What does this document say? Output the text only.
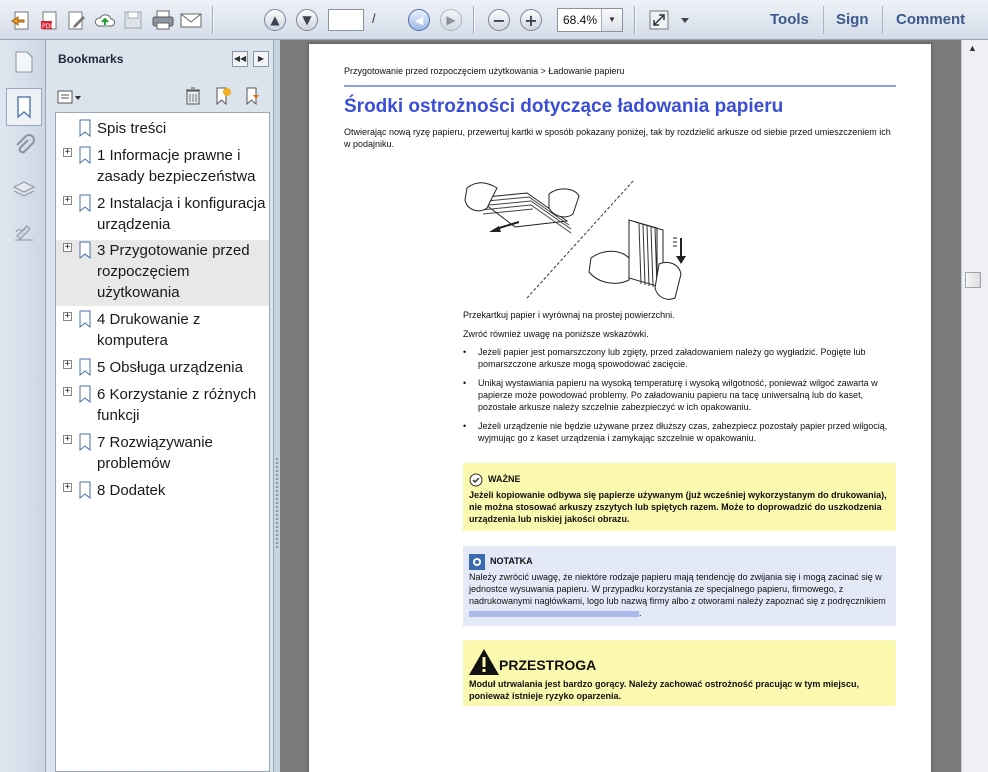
PDF	▲	▼	/	◀	▶	− +	68.4%	▼	Tools Sign Comment
Bookmarks	◀◀	▶
Spis treści
+ 1 Informacje prawne i zasady bezpieczeństwa
+ 2 Instalacja i konfiguracja urządzenia
+ 3 Przygotowanie przed rozpoczęciem użytkowania
+ 4 Drukowanie z komputera
+ 5 Obsługa urządzenia
+ 6 Korzystanie z różnych funkcji
+ 7 Rozwiązywanie problemów
+ 8 Dodatek
Przygotowanie przed rozpoczęciem użytkowania > Ładowanie papieru
Środki ostrożności dotyczące ładowania papieru
Otwierając nową ryzę papieru, przewertuj kartki w sposób pokazany poniżej, tak by rozdzielić arkusze od siebie przed umieszczeniem ich w podajniku.
Przekartkuj papier i wyrównaj na prostej powierzchni.
Zwróć również uwagę na poniższe wskazówki.
• Jeżeli papier jest pomarszczony lub zgięty, przed załadowaniem należy go wygładzić. Pogięte lub pomarszczone arkusze mogą spowodować zacięcie.
• Unikaj wystawiania papieru na wysoką temperaturę i wysoką wilgotność, ponieważ wilgoć zawarta w papierze może powodować problemy. Po załadowaniu papieru na tacę uniwersalną lub do kaset, pozostałe arkusze należy szczelnie zabezpieczyć w ich opakowaniu.
• Jeżeli urządzenie nie będzie używane przez dłuższy czas, zabezpiecz pozostały papier przed wilgocią, wyjmując go z kaset urządzenia i zamykając szczelnie w opakowaniu.
WAŻNE
Jeżeli kopiowanie odbywa się papierze używanym (już wcześniej wykorzystanym do drukowania), nie można stosować arkuszy zszytych lub spiętych razem. Może to doprowadzić do uszkodzenia urządzenia lub niskiej jakości obrazu.
NOTATKA
Należy zwrócić uwagę, że niektóre rodzaje papieru mają tendencję do zwijania się i mogą zacinać się w jednostce wysuwania papieru. W przypadku korzystania ze specjalnego papieru, firmowego, z nadrukowanymi nagłówkami, logo lub nazwą firmy albo z otworami należy zapoznać się z podręcznikiem .
PRZESTROGA
Moduł utrwalania jest bardzo gorący. Należy zachować ostrożność pracując w tym miejscu, ponieważ istnieje ryzyko oparzenia.
▲
